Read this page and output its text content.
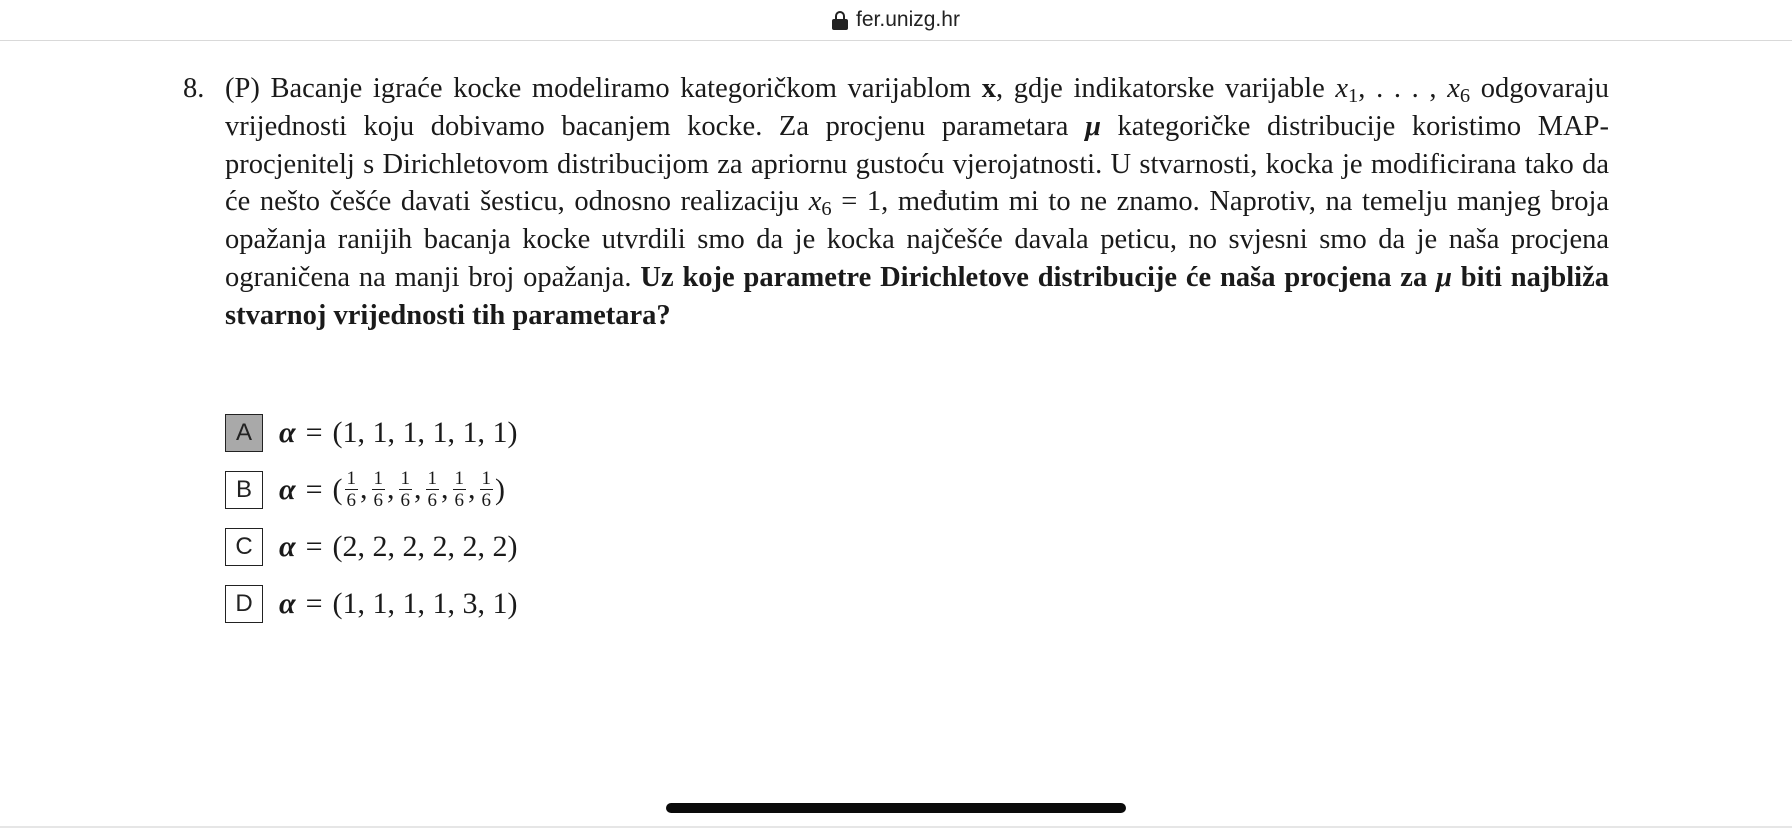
fer.unizg.hr
8. (P) Bacanje igraće kocke modeliramo kategoričkom varijablom x, gdje indikatorske varijable $x_1$, . . . , $x_6$ odgovaraju vrijednosti koju dobivamo bacanjem kocke. Za procjenu parametara μ kategoričke distribucije koristimo MAP-procjenitelj s Dirichletovom distribucijom za apriornu gustoću vjerojatnosti. U stvarnosti, kocka je modificirana tako da će nešto češće davati šesticu, odnosno realizaciju $x_6 = 1$, međutim mi to ne znamo. Naprotiv, na temelju manjeg broja opažanja ranijih bacanja kocke utvrdili smo da je kocka najčešće davala peticu, no svjesni smo da je naša procjena ograničena na manji broj opažanja. Uz koje parametre Dirichletove distribucije će naša procjena za μ biti najbliža stvarnoj vrijednosti tih parametara?
A α = (1, 1, 1, 1, 1, 1)
B α = ( $\frac{1}{6}$ , $\frac{1}{6}$ , $\frac{1}{6}$ , $\frac{1}{6}$ , $\frac{1}{6}$ , $\frac{1}{6}$ )
C α = (2, 2, 2, 2, 2, 2)
D α = (1, 1, 1, 1, 3, 1)
